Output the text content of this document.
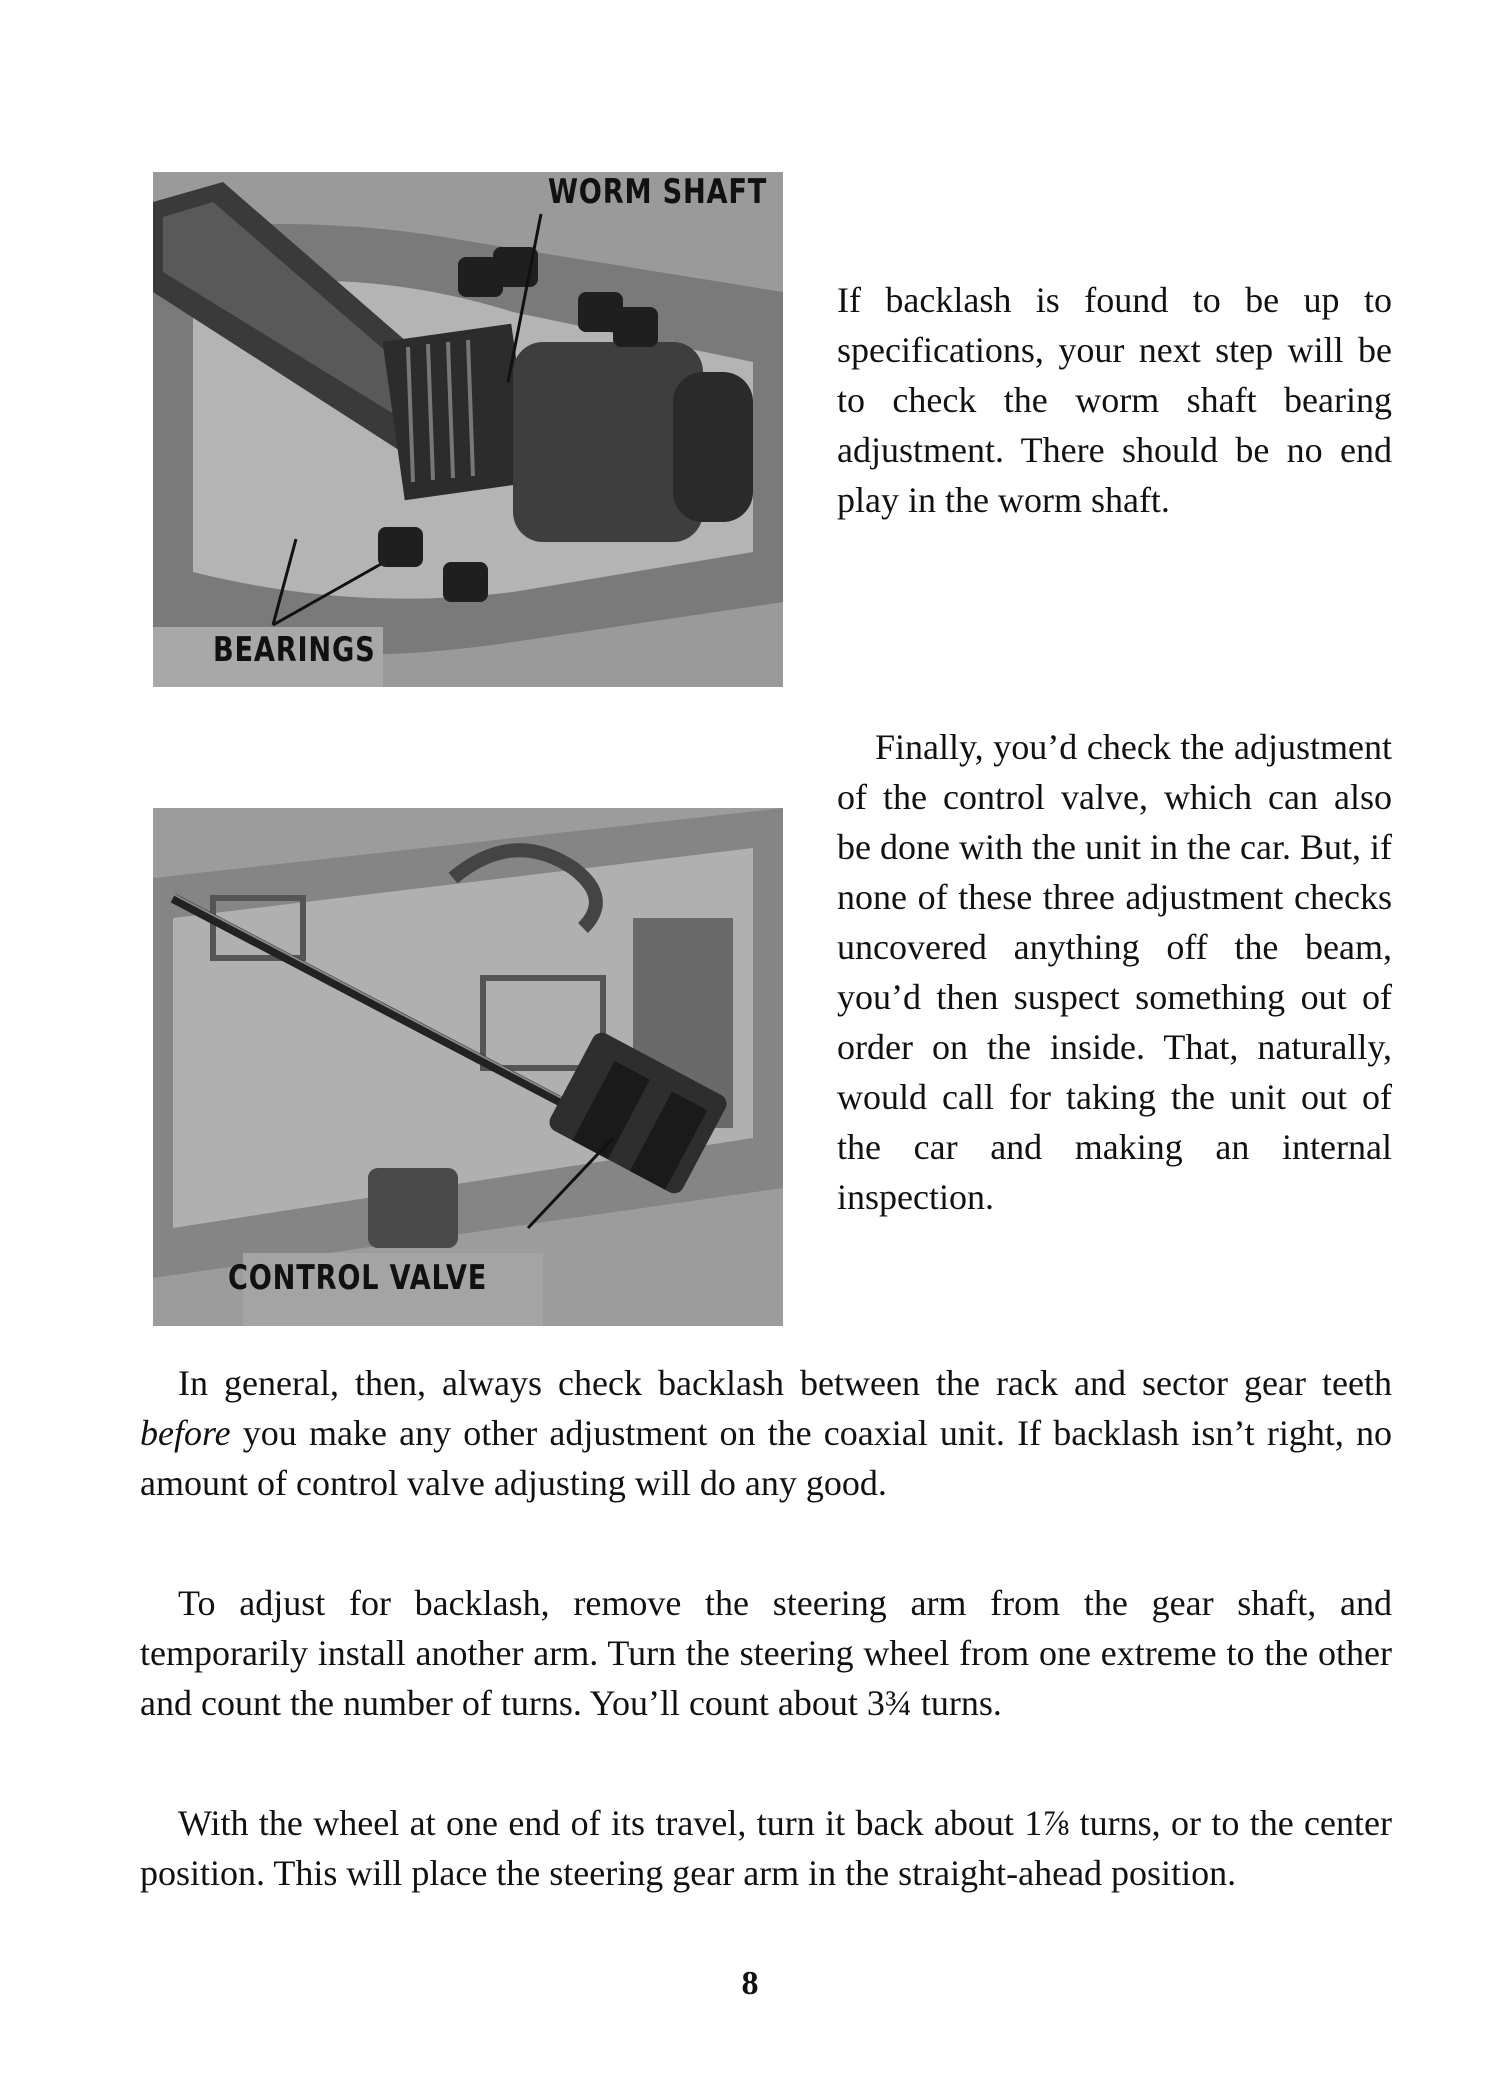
WORM SHAFT
BEARINGS

If backlash is found to be up to specifications, your next step will be to check the worm shaft bearing adjustment. There should be no end play in the worm shaft.

CONTROL VALVE

Finally, you’d check the adjustment of the control valve, which can also be done with the unit in the car. But, if none of these three adjustment checks uncovered anything off the beam, you’d then suspect something out of order on the inside. That, naturally, would call for taking the unit out of the car and making an internal inspection.

In general, then, always check backlash between the rack and sector gear teeth before you make any other adjustment on the coaxial unit. If backlash isn’t right, no amount of control valve adjusting will do any good.

To adjust for backlash, remove the steering arm from the gear shaft, and temporarily install another arm. Turn the steering wheel from one extreme to the other and count the number of turns. You’ll count about 3¾ turns.

With the wheel at one end of its travel, turn it back about 1⅞ turns, or to the center position. This will place the steering gear arm in the straight-ahead position.

8
